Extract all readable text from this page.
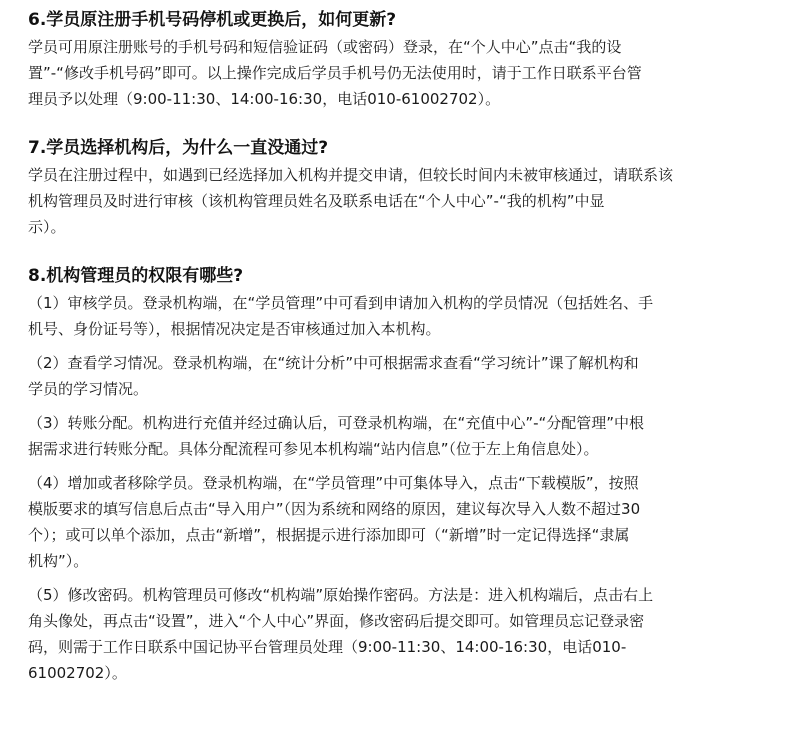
6.学员原注册手机号码停机或更换后，如何更新?

学员可用原注册账号的手机号码和短信验证码（或密码）登录，在“个人中心”点击“我的设

置”-“修改手机号码”即可。以上操作完成后学员手机号仍无法使用时，请于工作日联系平台管

理员予以处理（9:00-11:30、14:00-16:30，电话010-61002702）。

7.学员选择机构后，为什么一直没通过?

学员在注册过程中，如遇到已经选择加入机构并提交申请，但较长时间内未被审核通过，请联系该

机构管理员及时进行审核（该机构管理员姓名及联系电话在“个人中心”-“我的机构”中显

示）。

8.机构管理员的权限有哪些?

（1）审核学员。登录机构端，在“学员管理”中可看到申请加入机构的学员情况（包括姓名、手

机号、身份证号等），根据情况决定是否审核通过加入本机构。

（2）查看学习情况。登录机构端，在“统计分析”中可根据需求查看“学习统计”课了解机构和

学员的学习情况。

（3）转账分配。机构进行充值并经过确认后，可登录机构端，在“充值中心”-“分配管理”中根

据需求进行转账分配。具体分配流程可参见本机构端“站内信息”（位于左上角信息处）。

（4）增加或者移除学员。登录机构端，在“学员管理”中可集体导入，点击“下载模版”，按照

模版要求的填写信息后点击“导入用户”（因为系统和网络的原因，建议每次导入人数不超过30

个）；或可以单个添加，点击“新增”，根据提示进行添加即可（“新增”时一定记得选择“隶属

机构”）。

（5）修改密码。机构管理员可修改“机构端”原始操作密码。方法是：进入机构端后，点击右上

角头像处，再点击“设置”，进入“个人中心”界面，修改密码后提交即可。如管理员忘记登录密

码，则需于工作日联系中国记协平台管理员处理（9:00-11:30、14:00-16:30，电话010-

61002702）。
